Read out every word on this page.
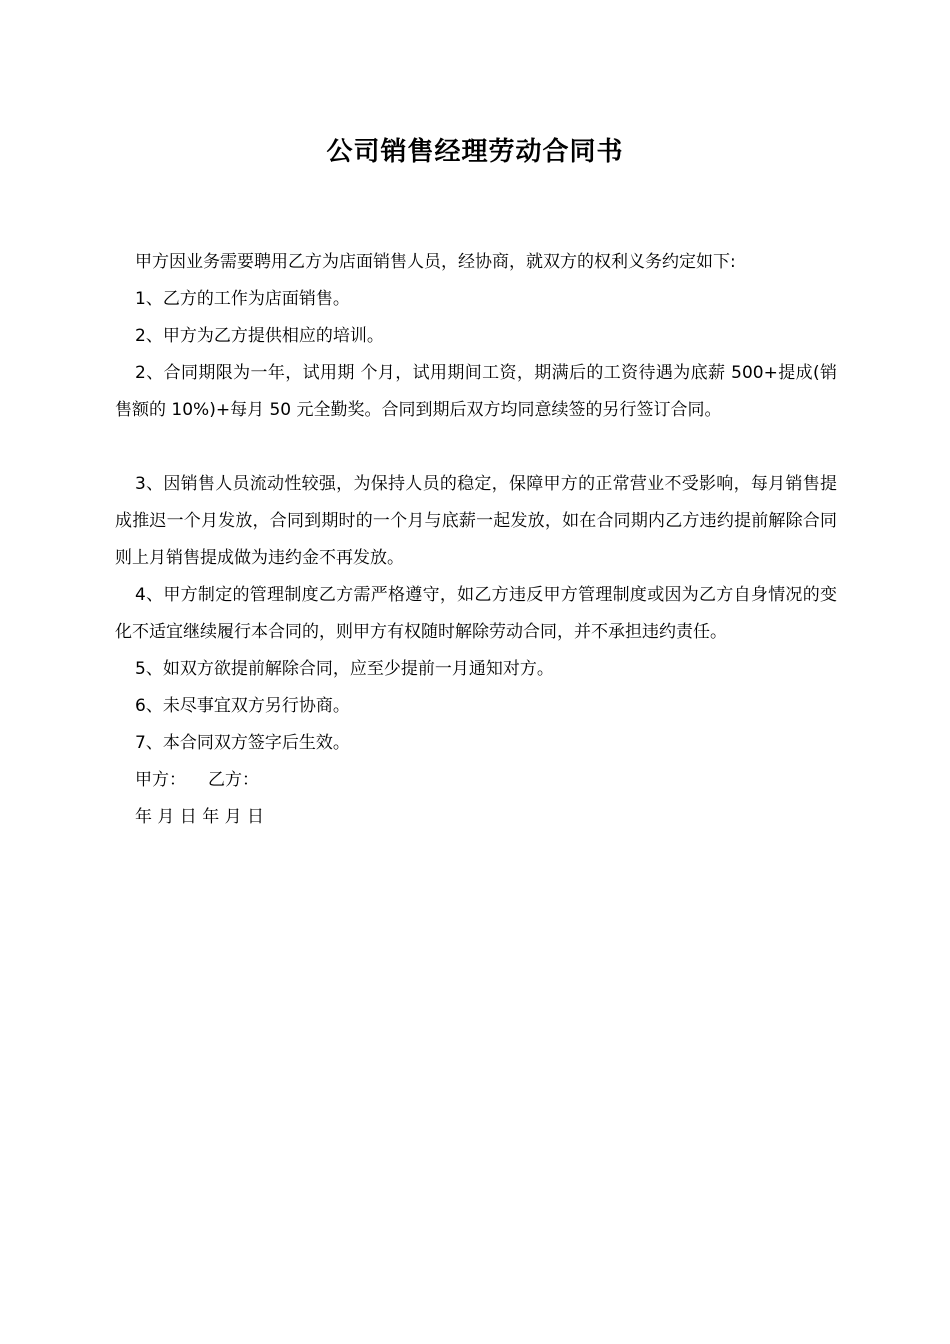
公司销售经理劳动合同书

甲方因业务需要聘用乙方为店面销售人员，经协商，就双方的权利义务约定如下:

1、乙方的工作为店面销售。

2、甲方为乙方提供相应的培训。

2、合同期限为一年，试用期 个月，试用期间工资，期满后的工资待遇为底薪 500+提成(销售额的 10%)+每月 50 元全勤奖。合同到期后双方均同意续签的另行签订合同。

3、因销售人员流动性较强，为保持人员的稳定，保障甲方的正常营业不受影响，每月销售提成推迟一个月发放，合同到期时的一个月与底薪一起发放，如在合同期内乙方违约提前解除合同则上月销售提成做为违约金不再发放。

4、甲方制定的管理制度乙方需严格遵守，如乙方违反甲方管理制度或因为乙方自身情况的变化不适宜继续履行本合同的，则甲方有权随时解除劳动合同，并不承担违约责任。

5、如双方欲提前解除合同，应至少提前一月通知对方。

6、未尽事宜双方另行协商。

7、本合同双方签字后生效。

甲方： 乙方：

年 月 日 年 月 日
